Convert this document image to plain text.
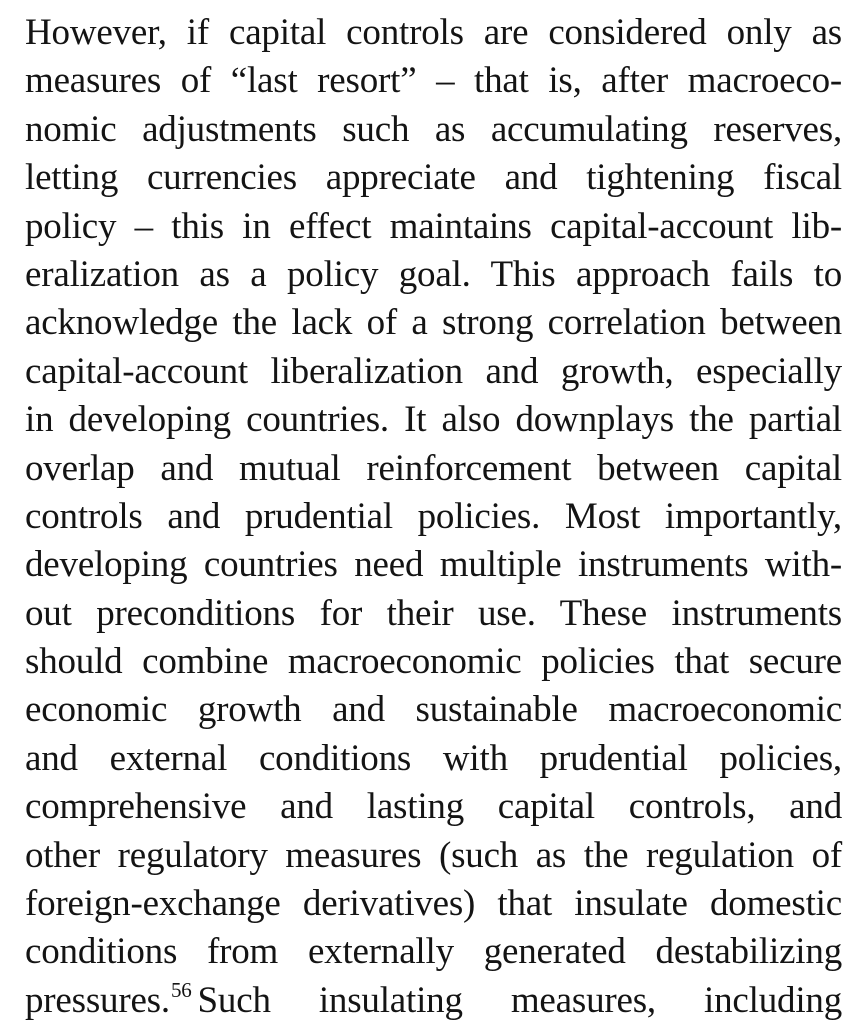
However, if capital controls are considered only as
measures of “last resort” – that is, after macroeco-
nomic adjustments such as accumulating reserves,
letting currencies appreciate and tightening fiscal
policy – this in effect maintains capital-account lib-
eralization as a policy goal. This approach fails to
acknowledge the lack of a strong correlation between
capital-account liberalization and growth, especially
in developing countries. It also downplays the partial
overlap and mutual reinforcement between capital
controls and prudential policies. Most importantly,
developing countries need multiple instruments with-
out preconditions for their use. These instruments
should combine macroeconomic policies that secure
economic growth and sustainable macroeconomic
and external conditions with prudential policies,
comprehensive and lasting capital controls, and
other regulatory measures (such as the regulation of
foreign-exchange derivatives) that insulate domestic
conditions from externally generated destabilizing
pressures.$^{56}$ Such insulating measures, including
